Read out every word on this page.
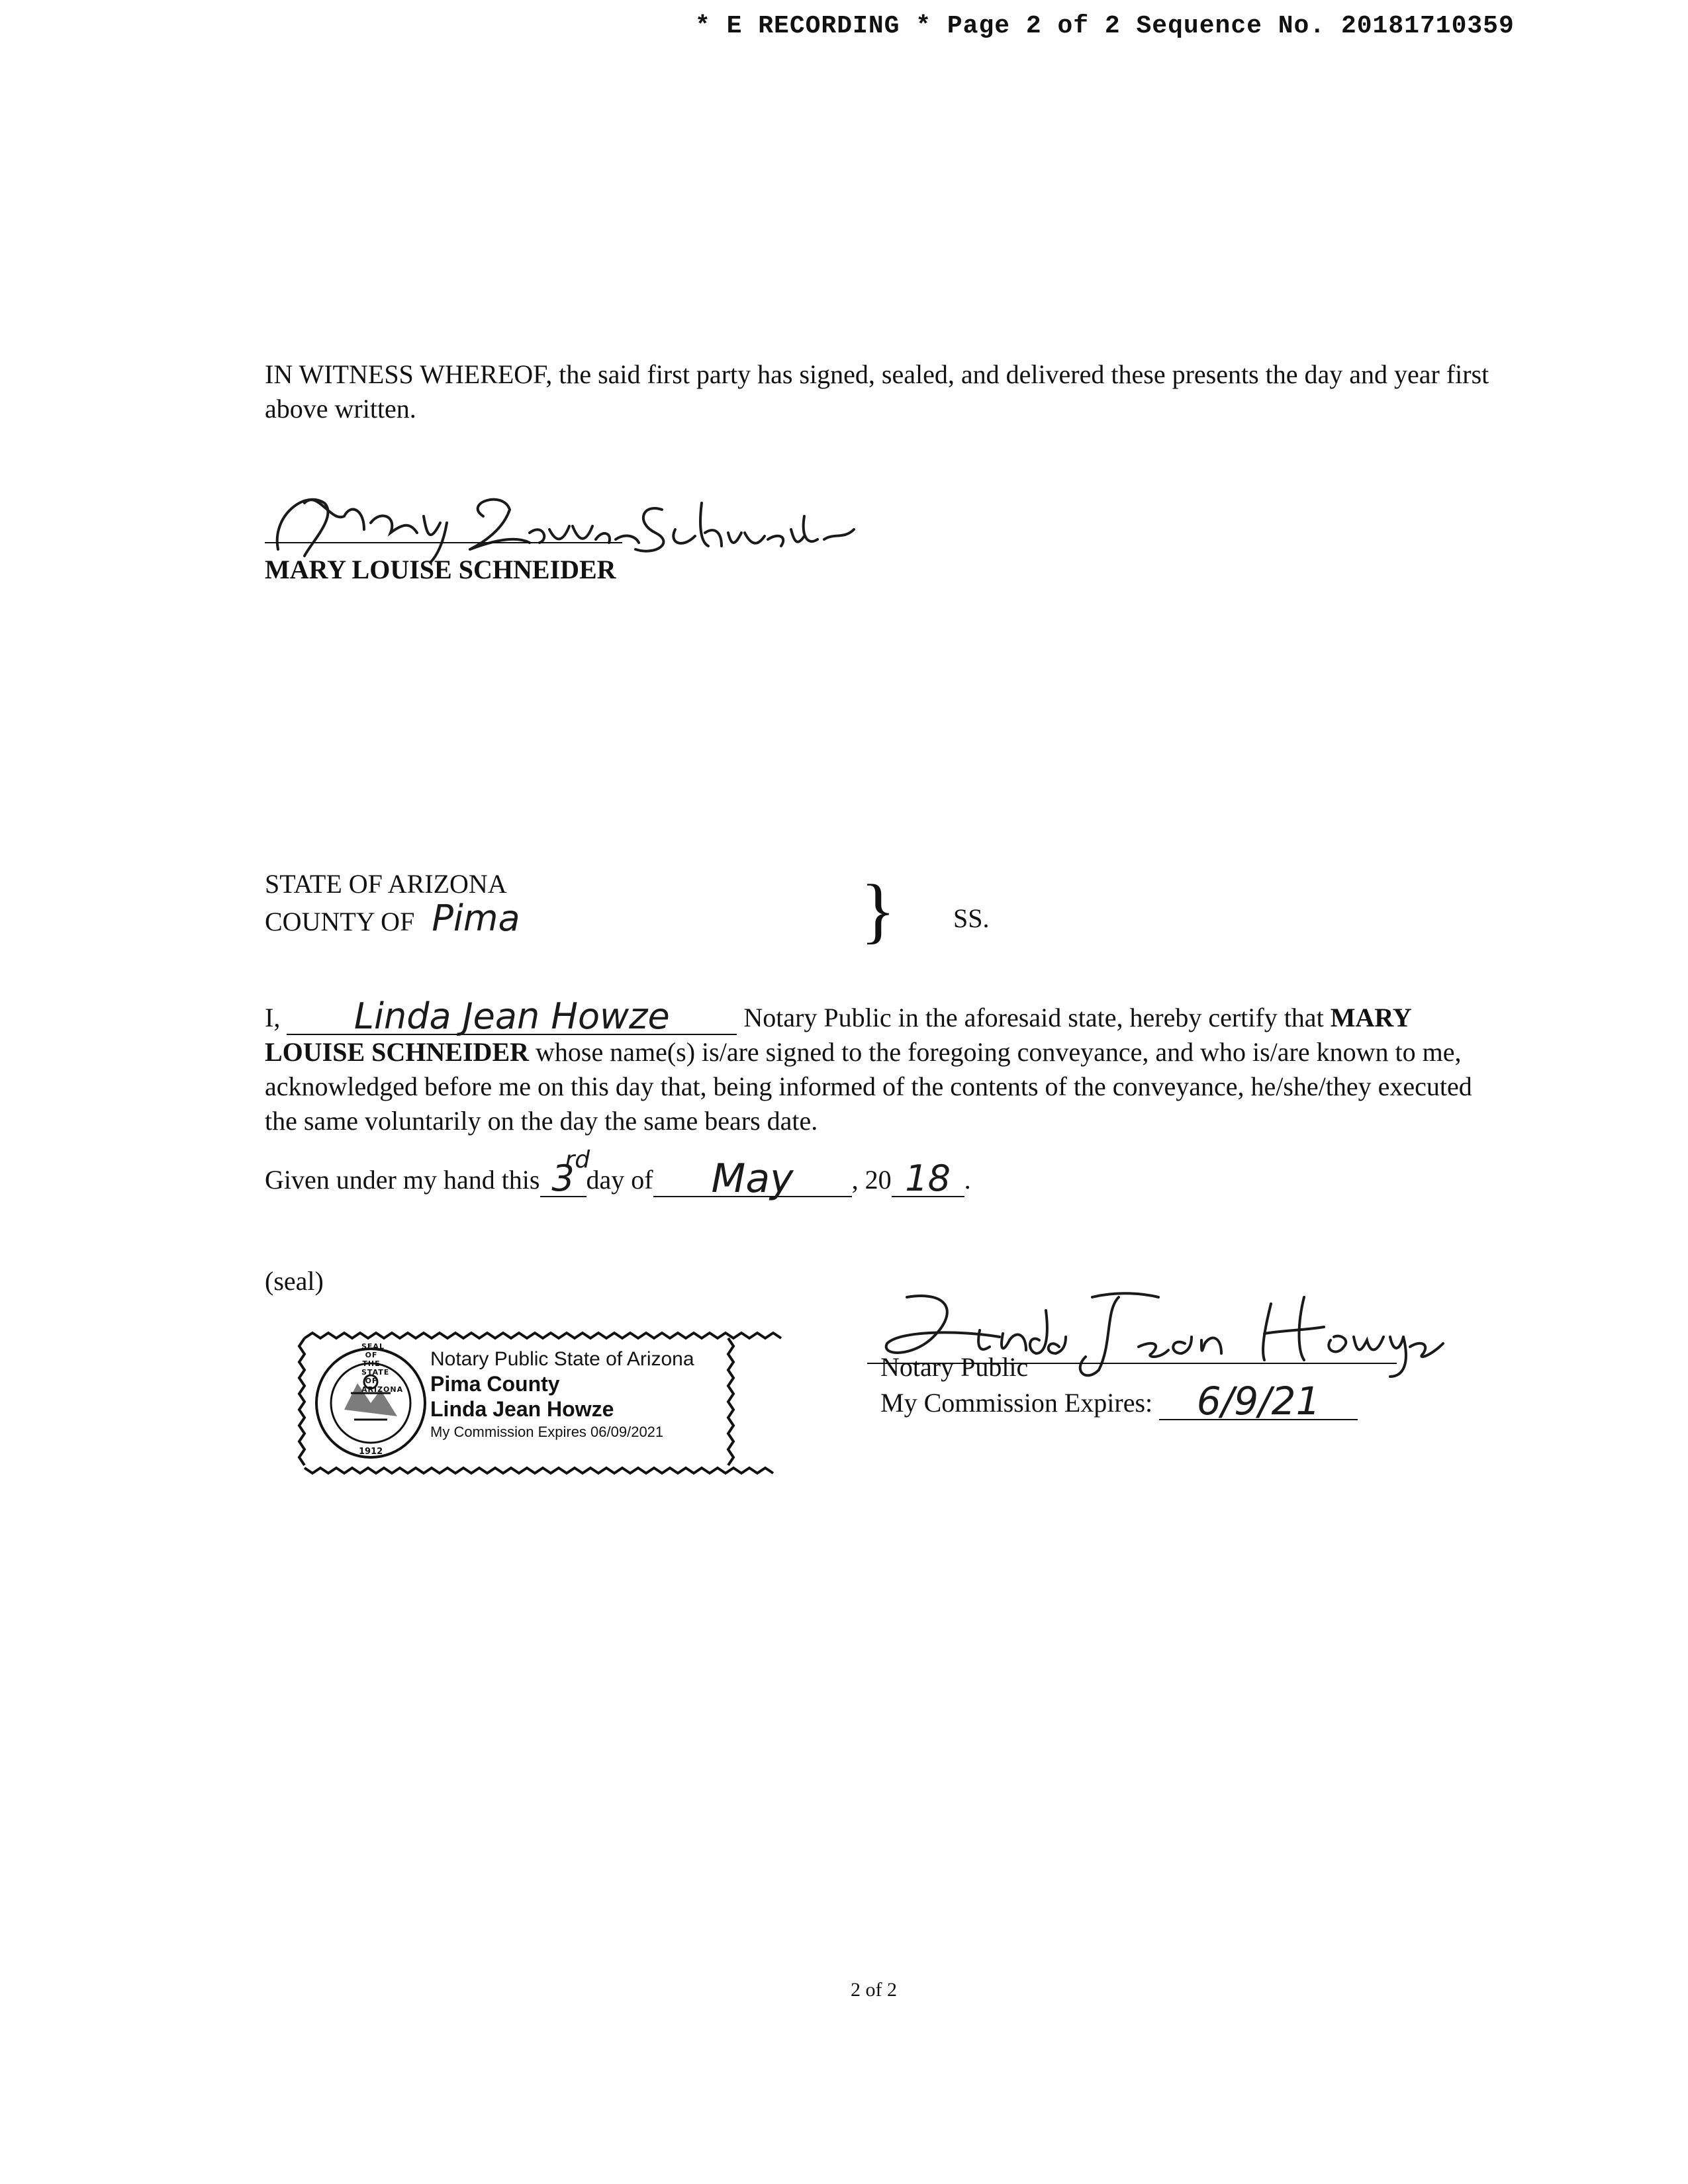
* E RECORDING * Page 2 of 2 Sequence No. 20181710359
IN WITNESS WHEREOF, the said first party has signed, sealed, and delivered these presents the day and year first above written.
MARY LOUISE SCHNEIDER
STATE OF ARIZONA
COUNTY OF Pima	} SS.
I, Linda Jean Howze	Notary Public in the aforesaid state, hereby certify that MARY LOUISE SCHNEIDER whose name(s) is/are signed to the foregoing conveyance, and who is/are known to me, acknowledged before me on this day that, being informed of the contents of the conveyance, he/she/they executed the same voluntarily on the day the same bears date.
Given under my hand this 3
rd
day of May , 20 18 .
(seal)
SEAL OF THE STATE OF ARIZONA
1912
Notary Public State of Arizona
Pima County
Linda Jean Howze
My Commission Expires 06/09/2021
Notary Public
My Commission Expires: 6/9/21
2 of 2
